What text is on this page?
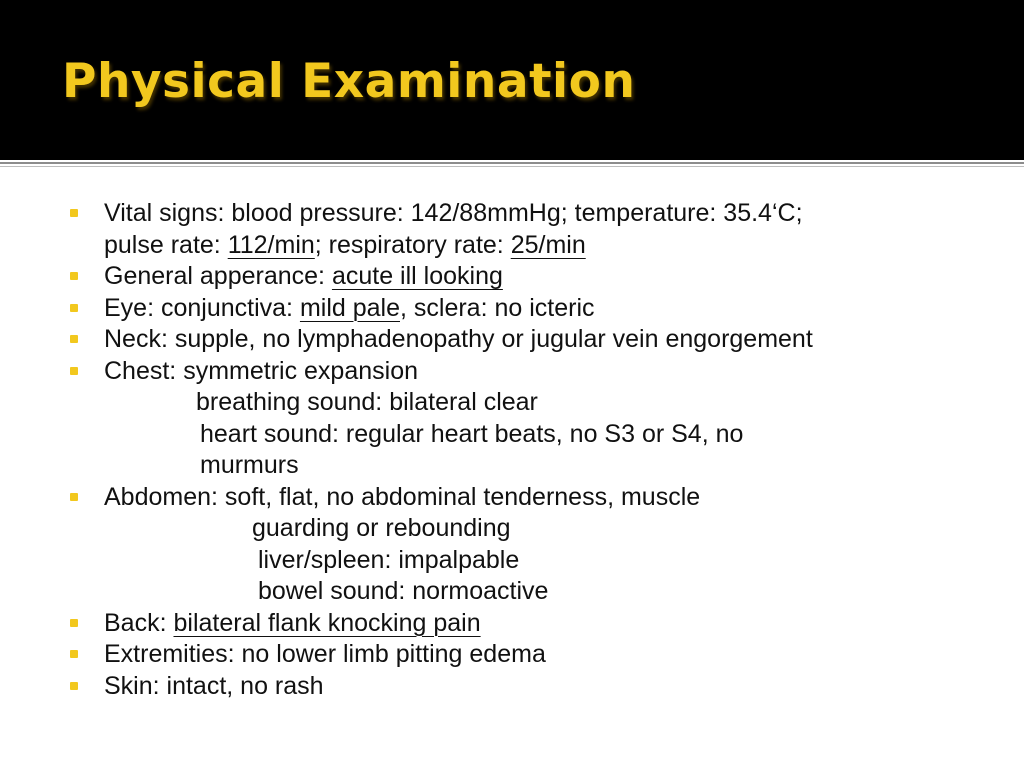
Physical Examination
Vital signs: blood pressure: 142/88mmHg; temperature: 35.4‘C;
pulse rate: 112/min; respiratory rate: 25/min
General apperance: acute ill looking
Eye: conjunctiva: mild pale, sclera: no icteric
Neck: supple, no lymphadenopathy or jugular vein engorgement
Chest: symmetric expansion
breathing sound: bilateral clear
heart sound: regular heart beats, no S3 or S4, no
murmurs
Abdomen: soft, flat, no abdominal tenderness, muscle
guarding or rebounding
liver/spleen: impalpable
bowel sound: normoactive
Back: bilateral flank knocking pain
Extremities: no lower limb pitting edema
Skin: intact, no rash
